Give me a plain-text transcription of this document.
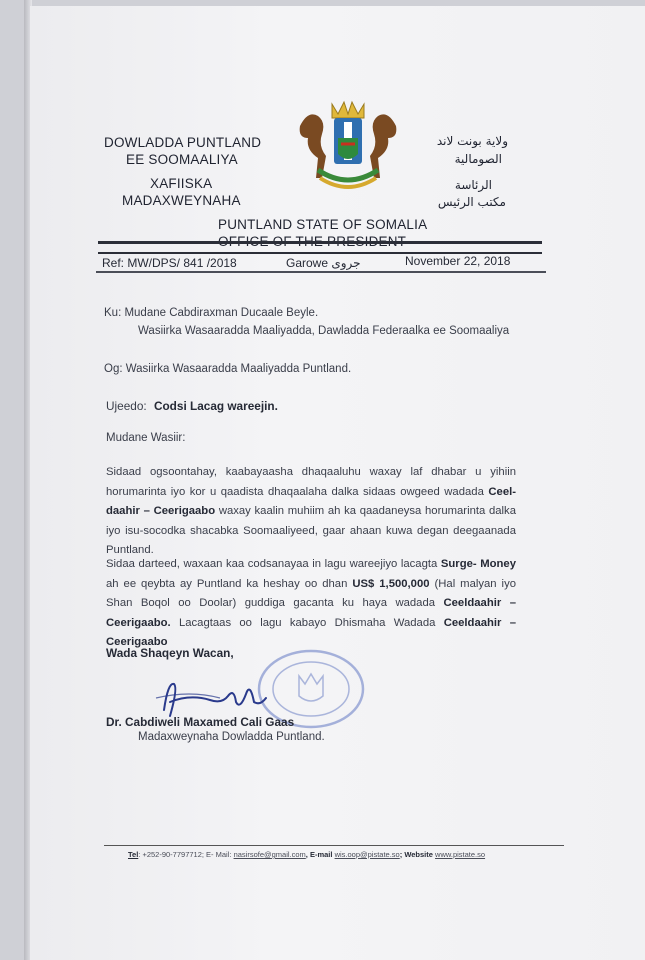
DOWLADDA PUNTLAND
EE SOOMAALIYA
XAFIISKA
MADAXWEYNAHA
ولاية بونت لاند
الصومالية
الرئاسة
مكتب الرئيس
PUNTLAND STATE OF SOMALIA
Ref: MW/DPS/ 841 /2018	Garowe جروى	November 22, 2018
Ku: Mudane Cabdiraxman Ducaale Beyle.
Wasiirka Wasaaradda Maaliyadda, Dawladda Federaalka ee Soomaaliya
Og: Wasiirka Wasaaradda Maaliyadda Puntland.
Ujeedo: Codsi Lacag wareejin.
Mudane Wasiir:
Sidaad ogsoontahay, kaabayaasha dhaqaaluhu waxay laf dhabar u yihiin horumarinta iyo kor u qaadista dhaqaalaha dalka sidaas owgeed wadada Ceel-daahir – Ceerigaabo waxay kaalin muhiim ah ka qaadaneysa horumarinta dalka iyo isu-socodka shacabka Soomaaliyeed, gaar ahaan kuwa degan deegaanada Puntland.
Sidaa darteed, waxaan kaa codsanayaa in lagu wareejiyo lacagta Surge- Money ah ee qeybta ay Puntland ka heshay oo dhan US$ 1,500,000 (Hal malyan iyo Shan Boqol oo Doolar) guddiga gacanta ku haya wadada Ceeldaahir – Ceerigaabo. Lacagtaas oo lagu kabayo Dhismaha Wadada Ceeldaahir – Ceerigaabo
Wada Shaqeyn Wacan,
Dr. Cabdiweli Maxamed Cali Gaas
Madaxweynaha Dowladda Puntland.
Tel: +252-90-7797712; E- Mail: nasirsofe@gmail.com, E-mail wis.oop@pistate.so; Website www.pistate.so
